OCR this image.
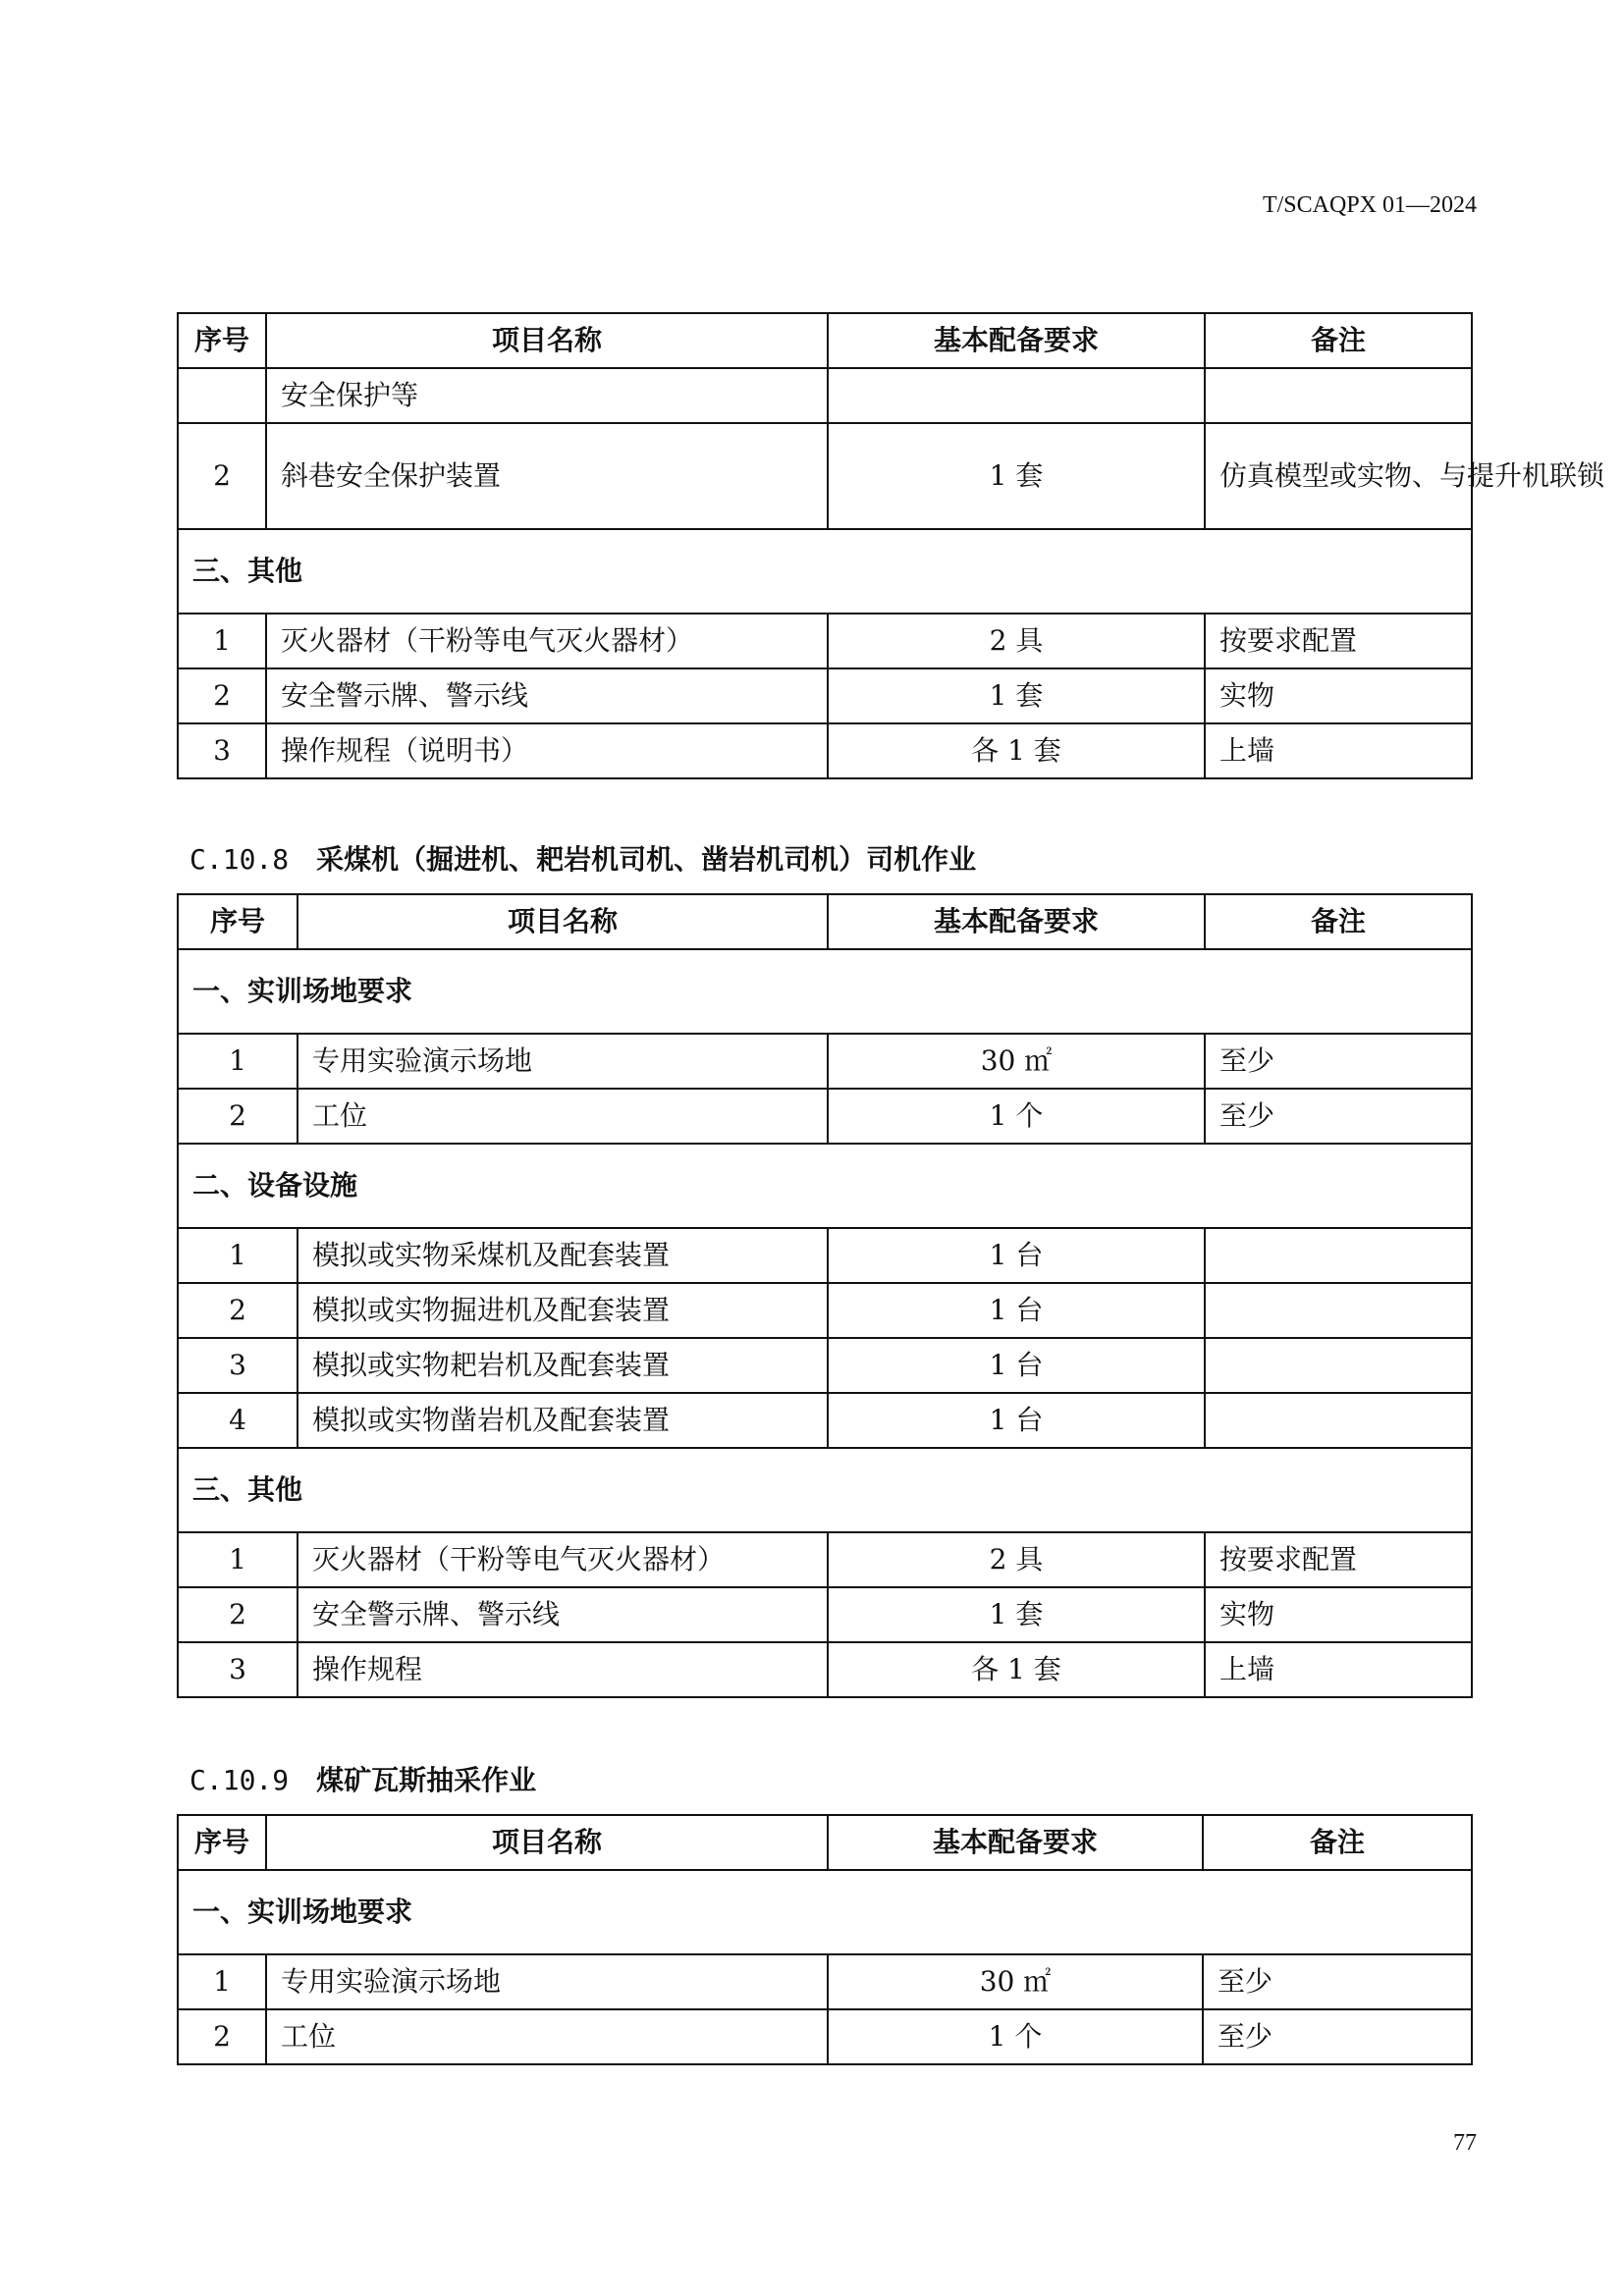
T/SCAQPX 01—2024
序号	项目名称	基本配备要求	备注
	安全保护等		
2	斜巷安全保护装置	1 套	仿真模型或实物、与提升机联锁
三、其他			
1	灭火器材（干粉等电气灭火器材）	2 具	按要求配置
2	安全警示牌、警示线	1 套	实物
3	操作规程（说明书）	各 1 套	上墙
C.10.8 采煤机（掘进机、耙岩机司机、凿岩机司机）司机作业
序号	项目名称	基本配备要求	备注
一、实训场地要求			
1	专用实验演示场地	30 ㎡	至少
2	工位	1 个	至少
二、设备设施			
1	模拟或实物采煤机及配套装置	1 台	
2	模拟或实物掘进机及配套装置	1 台	
3	模拟或实物耙岩机及配套装置	1 台	
4	模拟或实物凿岩机及配套装置	1 台	
三、其他			
1	灭火器材（干粉等电气灭火器材）	2 具	按要求配置
2	安全警示牌、警示线	1 套	实物
3	操作规程	各 1 套	上墙
C.10.9 煤矿瓦斯抽采作业
序号	项目名称	基本配备要求	备注
一、实训场地要求			
1	专用实验演示场地	30 ㎡	至少
2	工位	1 个	至少
77
